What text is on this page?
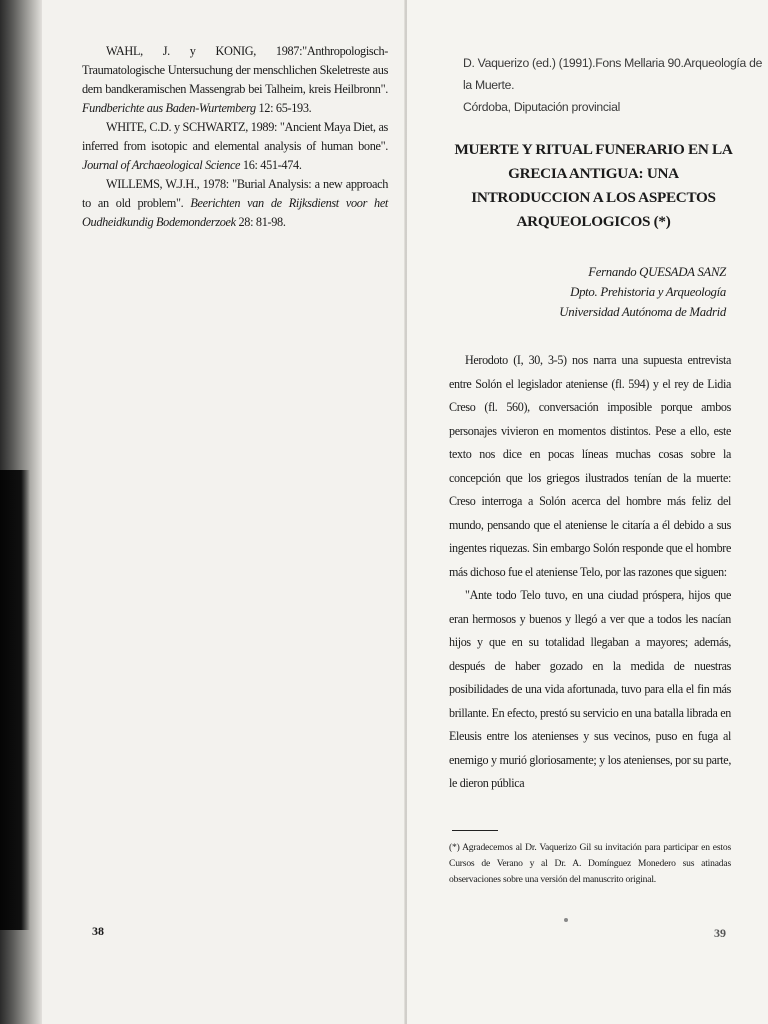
WAHL, J. y KONIG, 1987:"Anthropologisch-Traumatologische Untersuchung der menschlichen Skeletreste aus dem bandkeramischen Massengrab bei Talheim, kreis Heilbronn". Fundberichte aus Baden-Wurtemberg 12: 65-193.

WHITE, C.D. y SCHWARTZ, 1989: "Ancient Maya Diet, as inferred from isotopic and elemental analysis of human bone". Journal of Archaeological Science 16: 451-474.

WILLEMS, W.J.H., 1978: "Burial Analysis: a new approach to an old problem". Beerichten van de Rijksdienst voor het Oudheidkundig Bodemonderzoek 28: 81-98.

38
D. Vaquerizo (ed.) (1991).Fons Mellaria 90.Arqueología de la Muerte.
Córdoba, Diputación provincial
MUERTE Y RITUAL FUNERARIO EN LA GRECIA ANTIGUA: UNA INTRODUCCION A LOS ASPECTOS ARQUEOLOGICOS (*)
Fernando QUESADA SANZ
Dpto. Prehistoria y Arqueología
Universidad Autónoma de Madrid

Herodoto (I, 30, 3-5) nos narra una supuesta entrevista entre Solón el legislador ateniense (fl. 594) y el rey de Lidia Creso (fl. 560), conversación imposible porque ambos personajes vivieron en momentos distintos. Pese a ello, este texto nos dice en pocas líneas muchas cosas sobre la concepción que los griegos ilustrados tenían de la muerte: Creso interroga a Solón acerca del hombre más feliz del mundo, pensando que el ateniense le citaría a él debido a sus ingentes riquezas. Sin embargo Solón responde que el hombre más dichoso fue el ateniense Telo, por las razones que siguen:

"Ante todo Telo tuvo, en una ciudad próspera, hijos que eran hermosos y buenos y llegó a ver que a todos les nacían hijos y que en su totalidad llegaban a mayores; además, después de haber gozado en la medida de nuestras posibilidades de una vida afortunada, tuvo para ella el fin más brillante. En efecto, prestó su servicio en una batalla librada en Eleusis entre los atenienses y sus vecinos, puso en fuga al enemigo y murió gloriosamente; y los atenienses, por su parte, le dieron pública

(*) Agradecemos al Dr. Vaquerizo Gil su invitación para participar en estos Cursos de Verano y al Dr. A. Domínguez Monedero sus atinadas observaciones sobre una versión del manuscrito original.
39
